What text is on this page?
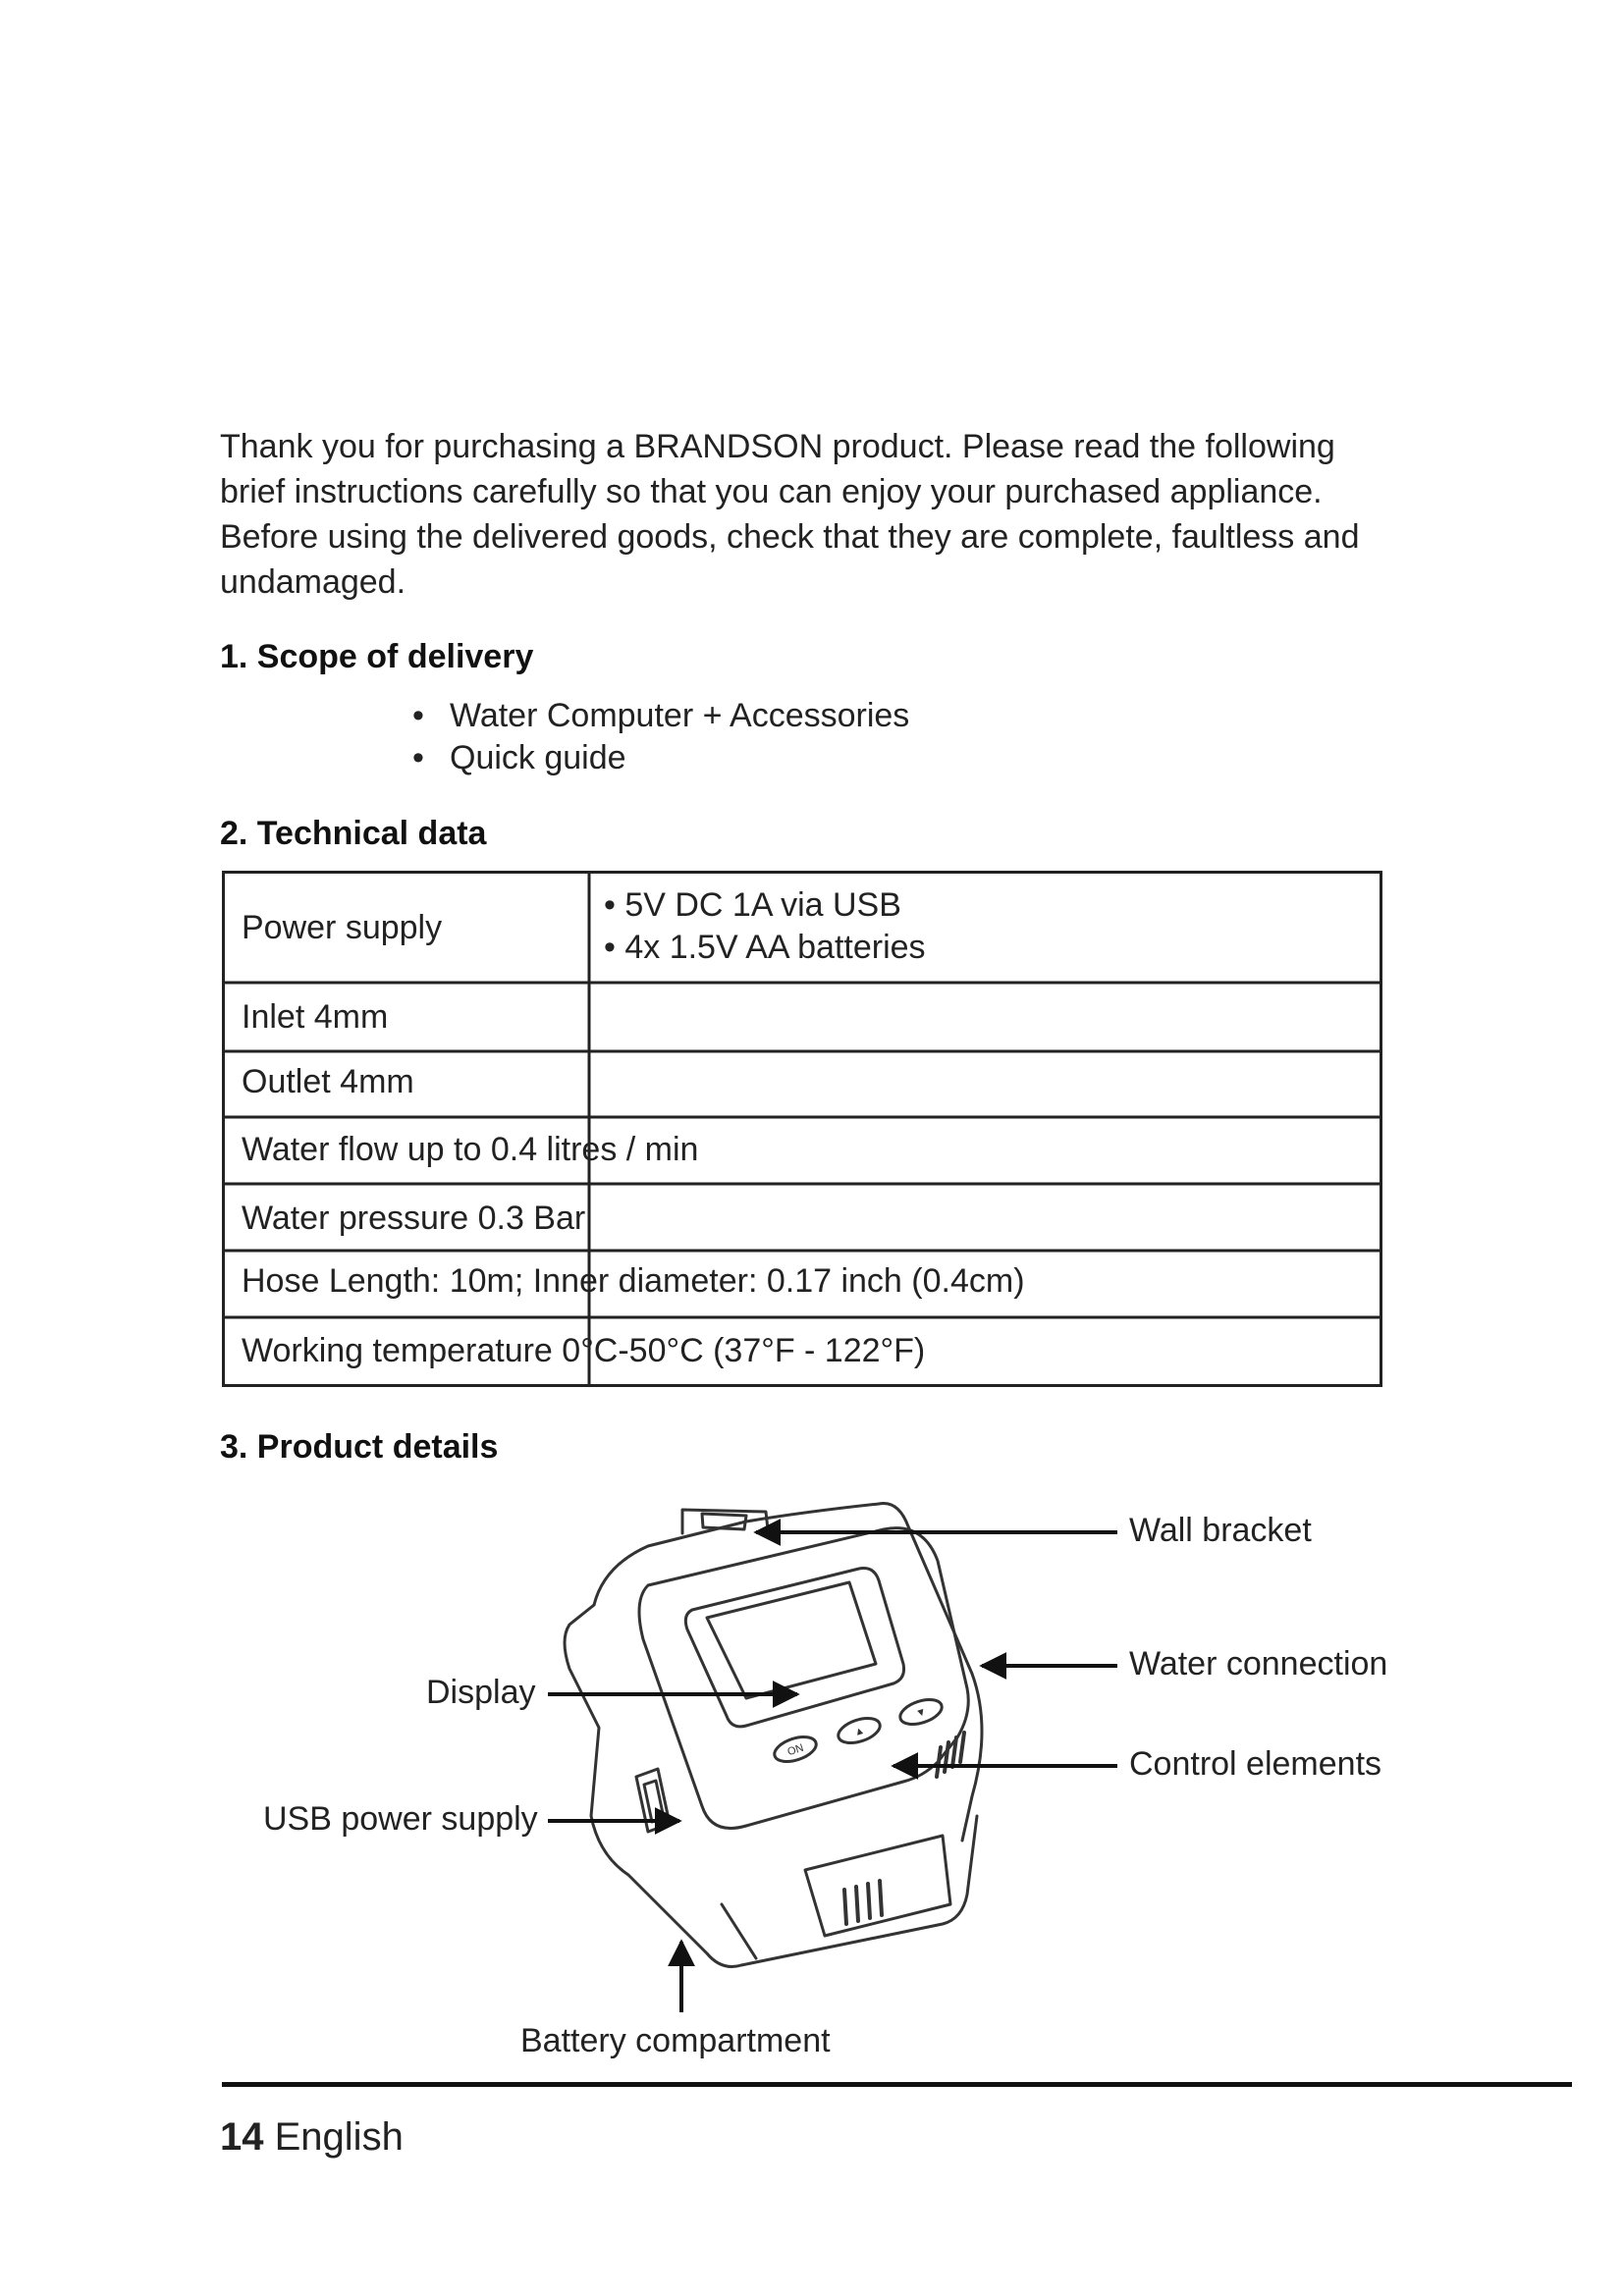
Thank you for purchasing a BRANDSON product. Please read the following
brief instructions carefully so that you can enjoy your purchased appliance.
Before using the delivered goods, check that they are complete, faultless and
undamaged.
1. Scope of delivery
• Water Computer + Accessories
• Quick guide
2. Technical data
Power supply
• 5V DC 1A via USB
• 4x 1.5V AA batteries
Inlet 4mm
Outlet 4mm
Water flow up to 0.4 litres / min
Water pressure 0.3 Bar
Hose Length: 10m; Inner diameter: 0.17 inch (0.4cm)
Working temperature 0°C-50°C (37°F - 122°F)
3. Product details
ON
▲
▼
Wall bracket
Water connection
Control elements
Display
USB power supply
Battery compartment
14 English
